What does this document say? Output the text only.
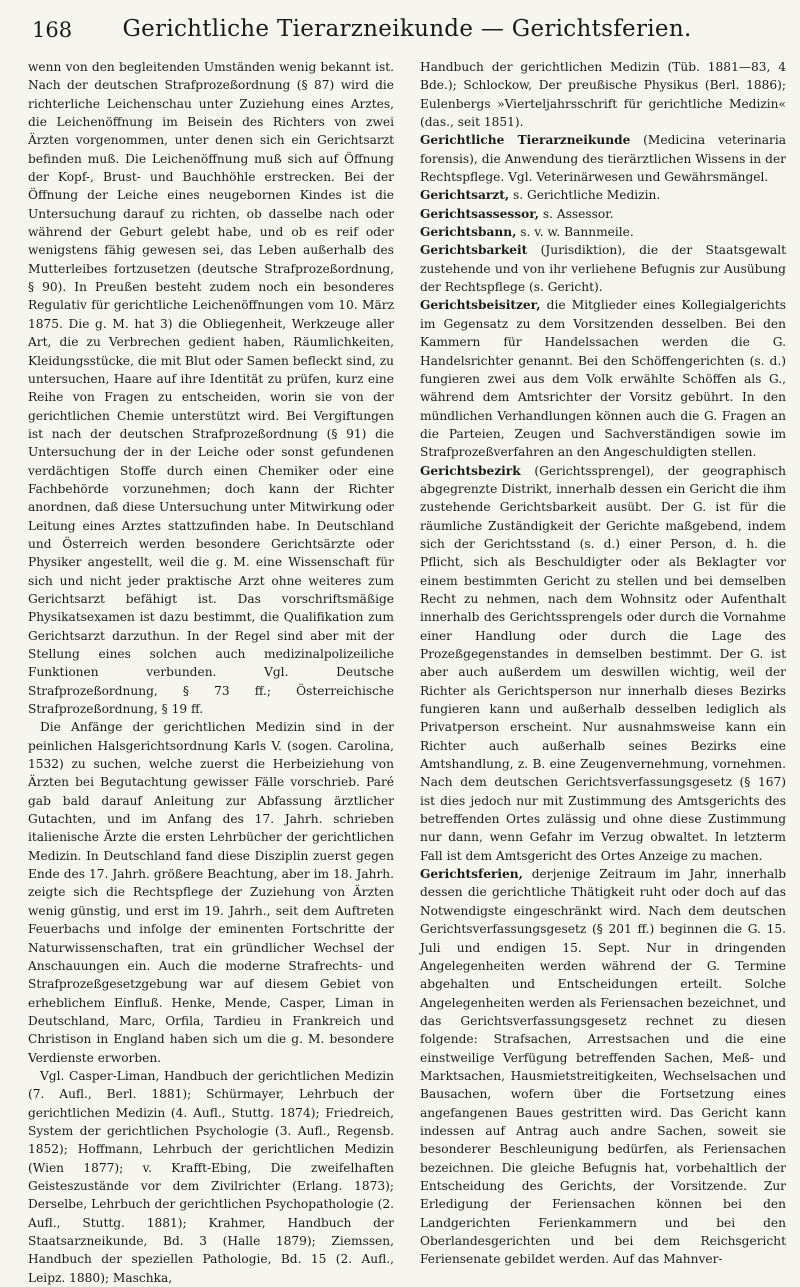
168	Gerichtliche Tierarzneikunde — Gerichtsferien.

wenn von den begleitenden Umständen wenig bekannt ist. Nach der deutschen Strafprozeßordnung (§ 87) wird die richterliche Leichenschau unter Zuziehung eines Arztes, die Leichenöffnung im Beisein des Richters von zwei Ärzten vorgenommen, unter denen sich ein Gerichtsarzt befinden muß. Die Leichenöffnung muß sich auf Öffnung der Kopf-, Brust- und Bauchhöhle erstrecken. Bei der Öffnung der Leiche eines neugebornen Kindes ist die Untersuchung darauf zu richten, ob dasselbe nach oder während der Geburt gelebt habe, und ob es reif oder wenigstens fähig gewesen sei, das Leben außerhalb des Mutterleibes fortzusetzen (deutsche Strafprozeßordnung, § 90). In Preußen besteht zudem noch ein besonderes Regulativ für gerichtliche Leichenöffnungen vom 10. März 1875. Die g. M. hat 3) die Obliegenheit, Werkzeuge aller Art, die zu Verbrechen gedient haben, Räumlichkeiten, Kleidungsstücke, die mit Blut oder Samen befleckt sind, zu untersuchen, Haare auf ihre Identität zu prüfen, kurz eine Reihe von Fragen zu entscheiden, worin sie von der gerichtlichen Chemie unterstützt wird. Bei Vergiftungen ist nach der deutschen Strafprozeßordnung (§ 91) die Untersuchung der in der Leiche oder sonst gefundenen verdächtigen Stoffe durch einen Chemiker oder eine Fachbehörde vorzunehmen; doch kann der Richter anordnen, daß diese Untersuchung unter Mitwirkung oder Leitung eines Arztes stattzufinden habe. In Deutschland und Österreich werden besondere Gerichtsärzte oder Physiker angestellt, weil die g. M. eine Wissenschaft für sich und nicht jeder praktische Arzt ohne weiteres zum Gerichtsarzt befähigt ist. Das vorschriftsmäßige Physikatsexamen ist dazu bestimmt, die Qualifikation zum Gerichtsarzt darzuthun. In der Regel sind aber mit der Stellung eines solchen auch medizinalpolizeiliche Funktionen verbunden. Vgl. Deutsche Strafprozeßordnung, § 73 ff.; Österreichische Strafprozeßordnung, § 19 ff.

Die Anfänge der gerichtlichen Medizin sind in der peinlichen Halsgerichtsordnung Karls V. (sogen. Carolina, 1532) zu suchen, welche zuerst die Herbeiziehung von Ärzten bei Begutachtung gewisser Fälle vorschrieb. Paré gab bald darauf Anleitung zur Abfassung ärztlicher Gutachten, und im Anfang des 17. Jahrh. schrieben italienische Ärzte die ersten Lehrbücher der gerichtlichen Medizin. In Deutschland fand diese Disziplin zuerst gegen Ende des 17. Jahrh. größere Beachtung, aber im 18. Jahrh. zeigte sich die Rechtspflege der Zuziehung von Ärzten wenig günstig, und erst im 19. Jahrh., seit dem Auftreten Feuerbachs und infolge der eminenten Fortschritte der Naturwissenschaften, trat ein gründlicher Wechsel der Anschauungen ein. Auch die moderne Strafrechts- und Strafprozeßgesetzgebung war auf diesem Gebiet von erheblichem Einfluß. Henke, Mende, Casper, Liman in Deutschland, Marc, Orfila, Tardieu in Frankreich und Christison in England haben sich um die g. M. besondere Verdienste erworben.

Vgl. Casper-Liman, Handbuch der gerichtlichen Medizin (7. Aufl., Berl. 1881); Schürmayer, Lehrbuch der gerichtlichen Medizin (4. Aufl., Stuttg. 1874); Friedreich, System der gerichtlichen Psychologie (3. Aufl., Regensb. 1852); Hoffmann, Lehrbuch der gerichtlichen Medizin (Wien 1877); v. Krafft-Ebing, Die zweifelhaften Geisteszustände vor dem Zivilrichter (Erlang. 1873); Derselbe, Lehrbuch der gerichtlichen Psychopathologie (2. Aufl., Stuttg. 1881); Krahmer, Handbuch der Staatsarzneikunde, Bd. 3 (Halle 1879); Ziemssen, Handbuch der speziellen Pathologie, Bd. 15 (2. Aufl., Leipz. 1880); Maschka,

Handbuch der gerichtlichen Medizin (Tüb. 1881—83, 4 Bde.); Schlockow, Der preußische Physikus (Berl. 1886); Eulenbergs »Vierteljahrsschrift für gerichtliche Medizin« (das., seit 1851).

Gerichtliche Tierarzneikunde (Medicina veterinaria forensis), die Anwendung des tierärztlichen Wissens in der Rechtspflege. Vgl. Veterinärwesen und Gewährsmängel.

Gerichtsarzt, s. Gerichtliche Medizin.

Gerichtsassessor, s. Assessor.

Gerichtsbann, s. v. w. Bannmeile.

Gerichtsbarkeit (Jurisdiktion), die der Staatsgewalt zustehende und von ihr verliehene Befugnis zur Ausübung der Rechtspflege (s. Gericht).

Gerichtsbeisitzer, die Mitglieder eines Kollegialgerichts im Gegensatz zu dem Vorsitzenden desselben. Bei den Kammern für Handelssachen werden die G. Handelsrichter genannt. Bei den Schöffengerichten (s. d.) fungieren zwei aus dem Volk erwählte Schöffen als G., während dem Amtsrichter der Vorsitz gebührt. In den mündlichen Verhandlungen können auch die G. Fragen an die Parteien, Zeugen und Sachverständigen sowie im Strafprozeßverfahren an den Angeschuldigten stellen.

Gerichtsbezirk (Gerichtssprengel), der geographisch abgegrenzte Distrikt, innerhalb dessen ein Gericht die ihm zustehende Gerichtsbarkeit ausübt. Der G. ist für die räumliche Zuständigkeit der Gerichte maßgebend, indem sich der Gerichtsstand (s. d.) einer Person, d. h. die Pflicht, sich als Beschuldigter oder als Beklagter vor einem bestimmten Gericht zu stellen und bei demselben Recht zu nehmen, nach dem Wohnsitz oder Aufenthalt innerhalb des Gerichtssprengels oder durch die Vornahme einer Handlung oder durch die Lage des Prozeßgegenstandes in demselben bestimmt. Der G. ist aber auch außerdem um deswillen wichtig, weil der Richter als Gerichtsperson nur innerhalb dieses Bezirks fungieren kann und außerhalb desselben lediglich als Privatperson erscheint. Nur ausnahmsweise kann ein Richter auch außerhalb seines Bezirks eine Amtshandlung, z. B. eine Zeugenvernehmung, vornehmen. Nach dem deutschen Gerichtsverfassungsgesetz (§ 167) ist dies jedoch nur mit Zustimmung des Amtsgerichts des betreffenden Ortes zulässig und ohne diese Zustimmung nur dann, wenn Gefahr im Verzug obwaltet. In letzterm Fall ist dem Amtsgericht des Ortes Anzeige zu machen.

Gerichtsferien, derjenige Zeitraum im Jahr, innerhalb dessen die gerichtliche Thätigkeit ruht oder doch auf das Notwendigste eingeschränkt wird. Nach dem deutschen Gerichtsverfassungsgesetz (§ 201 ff.) beginnen die G. 15. Juli und endigen 15. Sept. Nur in dringenden Angelegenheiten werden während der G. Termine abgehalten und Entscheidungen erteilt. Solche Angelegenheiten werden als Feriensachen bezeichnet, und das Gerichtsverfassungsgesetz rechnet zu diesen folgende: Strafsachen, Arrestsachen und die eine einstweilige Verfügung betreffenden Sachen, Meß- und Marktsachen, Hausmietstreitigkeiten, Wechselsachen und Bausachen, wofern über die Fortsetzung eines angefangenen Baues gestritten wird. Das Gericht kann indessen auf Antrag auch andre Sachen, soweit sie besonderer Beschleunigung bedürfen, als Feriensachen bezeichnen. Die gleiche Befugnis hat, vorbehaltlich der Entscheidung des Gerichts, der Vorsitzende. Zur Erledigung der Feriensachen können bei den Landgerichten Ferienkammern und bei den Oberlandesgerichten und bei dem Reichsgericht Feriensenate gebildet werden. Auf das Mahnver-
